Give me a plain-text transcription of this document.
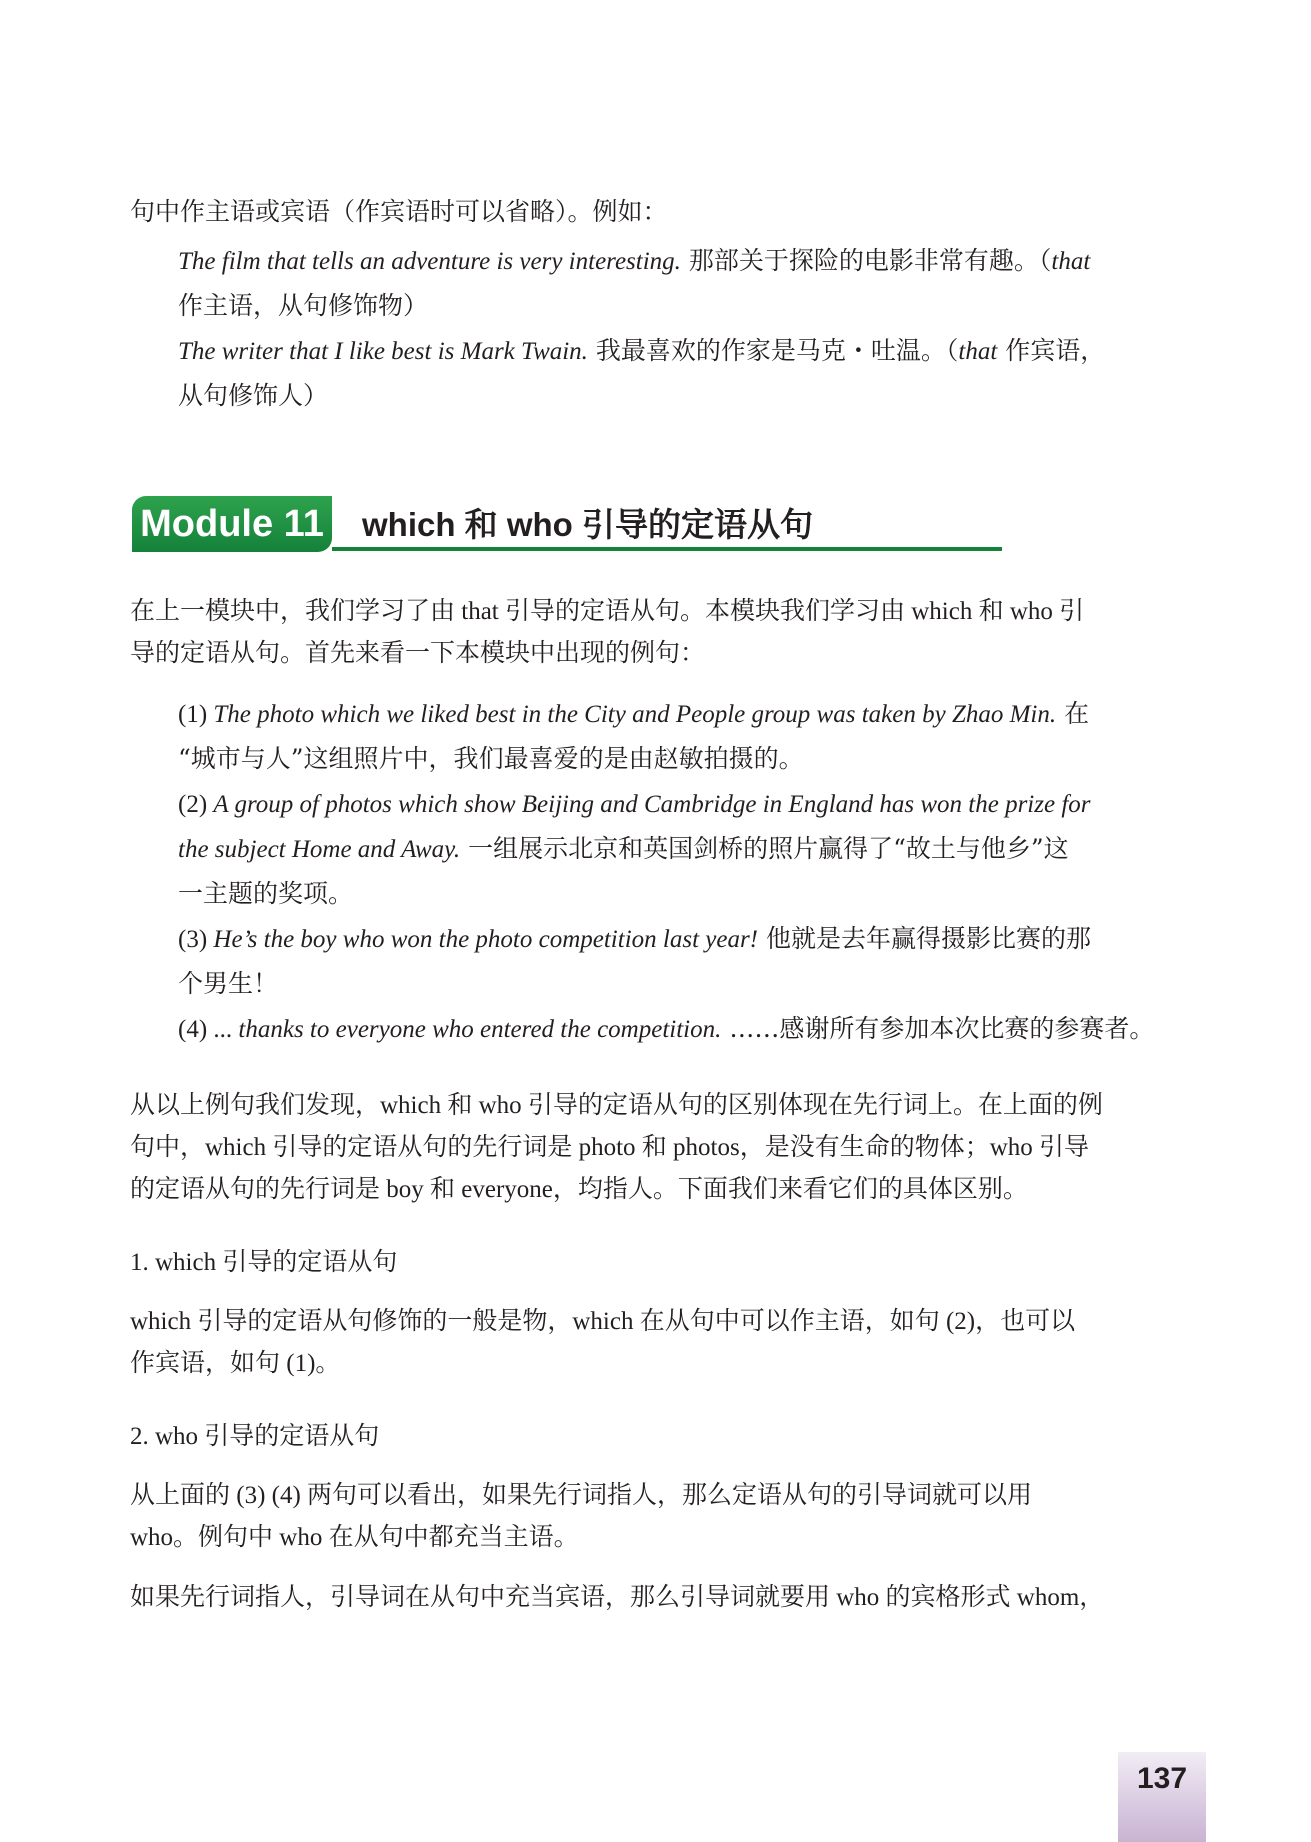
句中作主语或宾语（作宾语时可以省略）。例如：
The film that tells an adventure is very interesting. 那部关于探险的电影非常有趣。（that
作主语，从句修饰物）
The writer that I like best is Mark Twain. 我最喜欢的作家是马克・吐温。（that 作宾语，
从句修饰人）
Module 11 which 和 who 引导的定语从句
在上一模块中，我们学习了由 that 引导的定语从句。本模块我们学习由 which 和 who 引
导的定语从句。首先来看一下本模块中出现的例句：
(1) The photo which we liked best in the City and People group was taken by Zhao Min. 在
“城市与人”这组照片中，我们最喜爱的是由赵敏拍摄的。
(2) A group of photos which show Beijing and Cambridge in England has won the prize for
the subject Home and Away. 一组展示北京和英国剑桥的照片赢得了“故土与他乡”这
一主题的奖项。
(3) He’s the boy who won the photo competition last year! 他就是去年赢得摄影比赛的那
个男生！
(4) ... thanks to everyone who entered the competition. ……感谢所有参加本次比赛的参赛者。
从以上例句我们发现，which 和 who 引导的定语从句的区别体现在先行词上。在上面的例
句中，which 引导的定语从句的先行词是 photo 和 photos，是没有生命的物体；who 引导
的定语从句的先行词是 boy 和 everyone，均指人。下面我们来看它们的具体区别。
1. which 引导的定语从句
which 引导的定语从句修饰的一般是物，which 在从句中可以作主语，如句 (2)，也可以
作宾语，如句 (1)。
2. who 引导的定语从句
从上面的 (3) (4) 两句可以看出，如果先行词指人，那么定语从句的引导词就可以用
who。例句中 who 在从句中都充当主语。
如果先行词指人，引导词在从句中充当宾语，那么引导词就要用 who 的宾格形式 whom，
137
